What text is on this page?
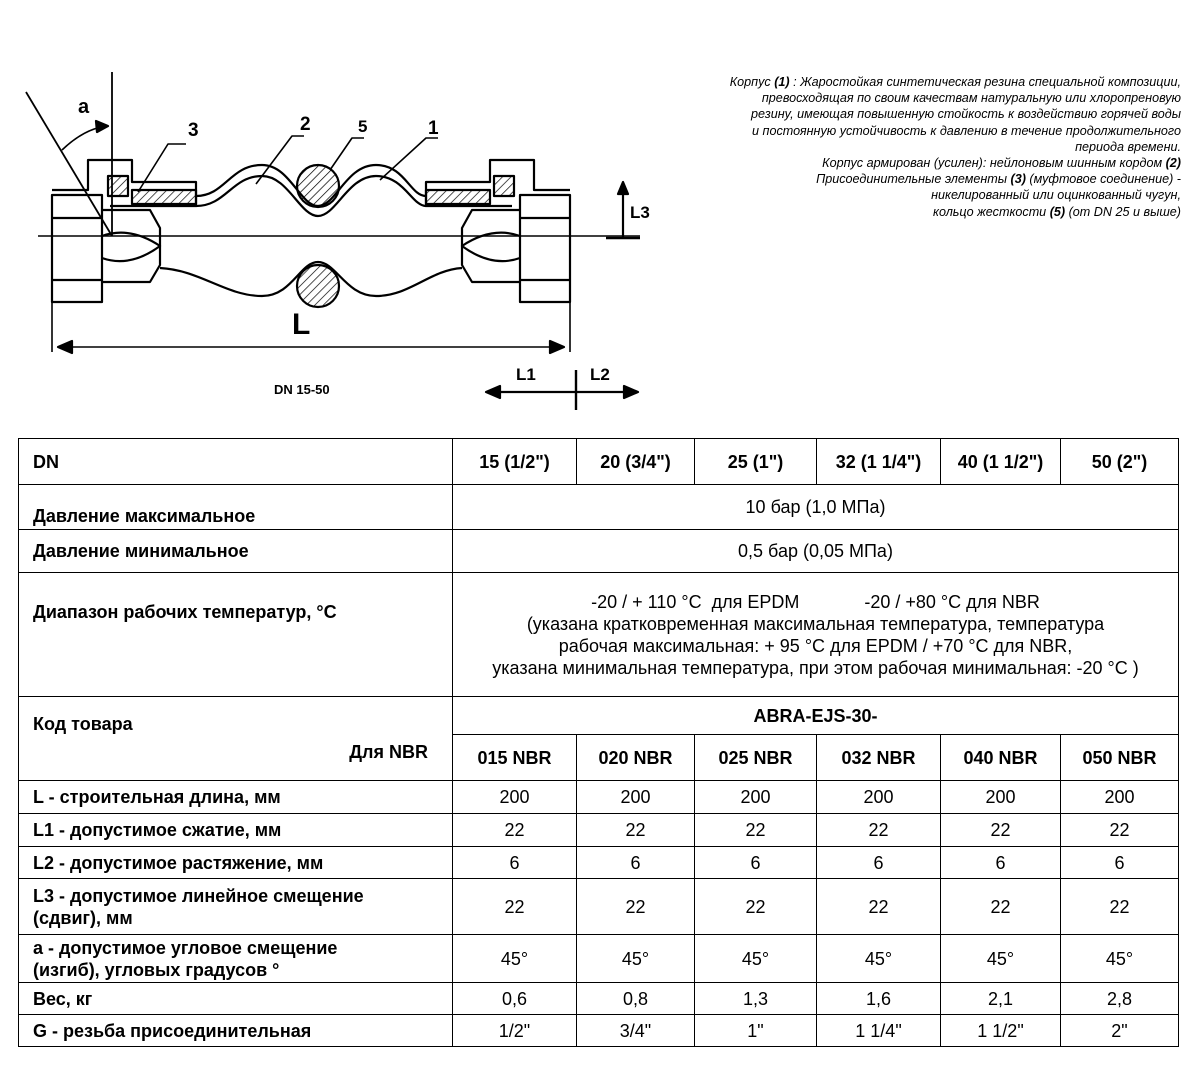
a
3	2	5	1
L
L3
L1	L2
DN 15-50
Корпус (1) : Жаростойкая синтетическая резина специальной композиции,
превосходящая по своим качествам натуральную или хлоропреновую
резину, имеющая повышенную стойкость к воздействию горячей воды
и постоянную устойчивость к давлению в течение продолжительного
периода времени.
Корпус армирован (усилен): нейлоновым шинным кордом (2)
Присоединительные элементы (3) (муфтовое соединение) -
никелированный или оцинкованный чугун,
кольцо жесткости (5) (от DN 25 и выше)
DN	15 (1/2")	20 (3/4")	25 (1")	32 (1 1/4")	40 (1 1/2")	50 (2")
Давление максимальное	10 бар (1,0 МПа)					
Давление минимальное	0,5 бар (0,05 МПа)					
Диапазон рабочих температур, °C	-20 / + 110 °C  для EPDM             -20 / +80 °C для NBR
(указана кратковременная максимальная температура, температура
рабочая максимальная: + 95 °C для EPDM / +70 °C для NBR,
указана минимальная температура, при этом рабочая минимальная: -20 °C )					

Код товара
Для NBR	ABRA-EJS-30-					
	015 NBR	020 NBR	025 NBR	032 NBR	040 NBR	050 NBR

L - строительная длина, мм	200	200	200	200	200	200

L1 - допустимое сжатие, мм	22	22	22	22	22	22

L2 - допустимое растяжение, мм	6	6	6	6	6	6

L3 - допустимое линейное смещение
(сдвиг), мм	22	22	22	22	22	22

а - допустимое угловое смещение
(изгиб), угловых градусов °	45°	45°	45°	45°	45°	45°

Вес, кг	0,6	0,8	1,3	1,6	2,1	2,8

G - резьба присоединительная	1/2"	3/4"	1"	1 1/4"	1 1/2"	2"
